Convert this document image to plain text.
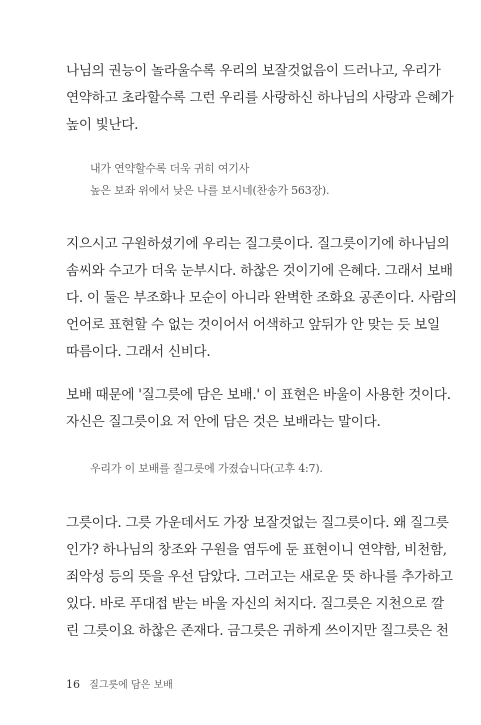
나님의 권능이 놀라울수록 우리의 보잘것없음이 드러나고, 우리가
연약하고 초라할수록 그런 우리를 사랑하신 하나님의 사랑과 은혜가
높이 빛난다.
내가 연약할수록 더욱 귀히 여기사
높은 보좌 위에서 낮은 나를 보시네(찬송가 563장).
지으시고 구원하셨기에 우리는 질그릇이다. 질그릇이기에 하나님의
솜씨와 수고가 더욱 눈부시다. 하찮은 것이기에 은혜다. 그래서 보배
다. 이 둘은 부조화나 모순이 아니라 완벽한 조화요 공존이다. 사람의
언어로 표현할 수 없는 것이어서 어색하고 앞뒤가 안 맞는 듯 보일
따름이다. 그래서 신비다.
보배 때문에 '질그릇에 담은 보배.' 이 표현은 바울이 사용한 것이다.
자신은 질그릇이요 저 안에 담은 것은 보배라는 말이다.
우리가 이 보배를 질그릇에 가졌습니다(고후 4:7).
그릇이다. 그릇 가운데서도 가장 보잘것없는 질그릇이다. 왜 질그릇
인가? 하나님의 창조와 구원을 염두에 둔 표현이니 연약함, 비천함,
죄악성 등의 뜻을 우선 담았다. 그러고는 새로운 뜻 하나를 추가하고
있다. 바로 푸대접 받는 바울 자신의 처지다. 질그릇은 지천으로 깔
린 그릇이요 하찮은 존재다. 금그릇은 귀하게 쓰이지만 질그릇은 천
16 질그릇에 담은 보배
